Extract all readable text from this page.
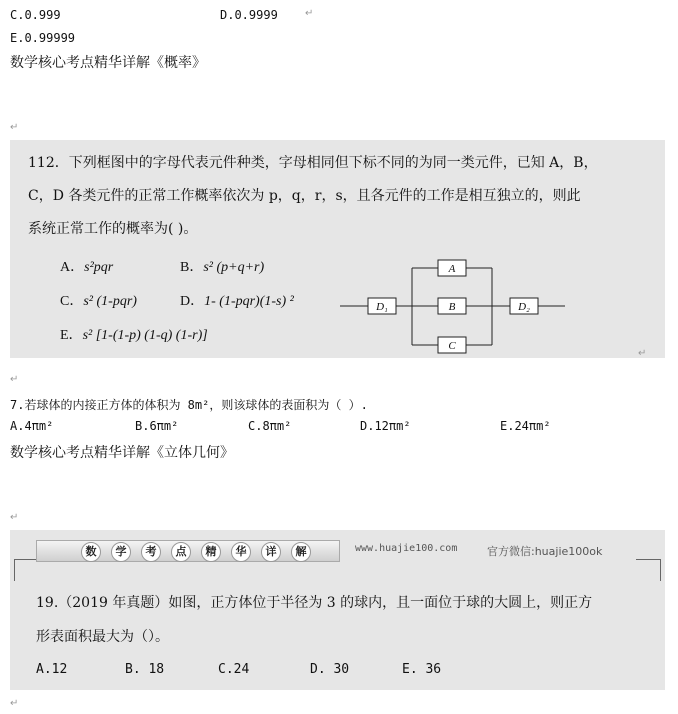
C.0.999	D.0.9999	↵
E.0.99999
数学核心考点精华详解《概率》
↵
112．下列框图中的字母代表元件种类，字母相同但下标不同的为同一类元件，已知 A，B，
C，D 各类元件的正常工作概率依次为 p，q，r，s，且各元件的工作是相互独立的，则此
系统正常工作的概率为( )。
A．s²pqr	B．s² (p+q+r)
C．s² (1-pqr)	D．1- (1-pqr)(1-s) ²
E．s² [1-(1-p) (1-q) (1-r)]
D₁
A
B
C
D₂
↵
↵
7.若球体的内接正方体的体积为 8m²，则该球体的表面积为（ ）.
A.4πm²	B.6πm²	C.8πm²	D.12πm²	E.24πm²
数学核心考点精华详解《立体几何》
↵
数	学	考	点	精	华	详	解	www.huajie100.com	官方微信:huajie100ok
19.（2019 年真题）如图，正方体位于半径为 3 的球内，且一面位于球的大圆上，则正方
形表面积最大为（）。
A.12	B. 18	C.24	D. 30	E. 36
↵
